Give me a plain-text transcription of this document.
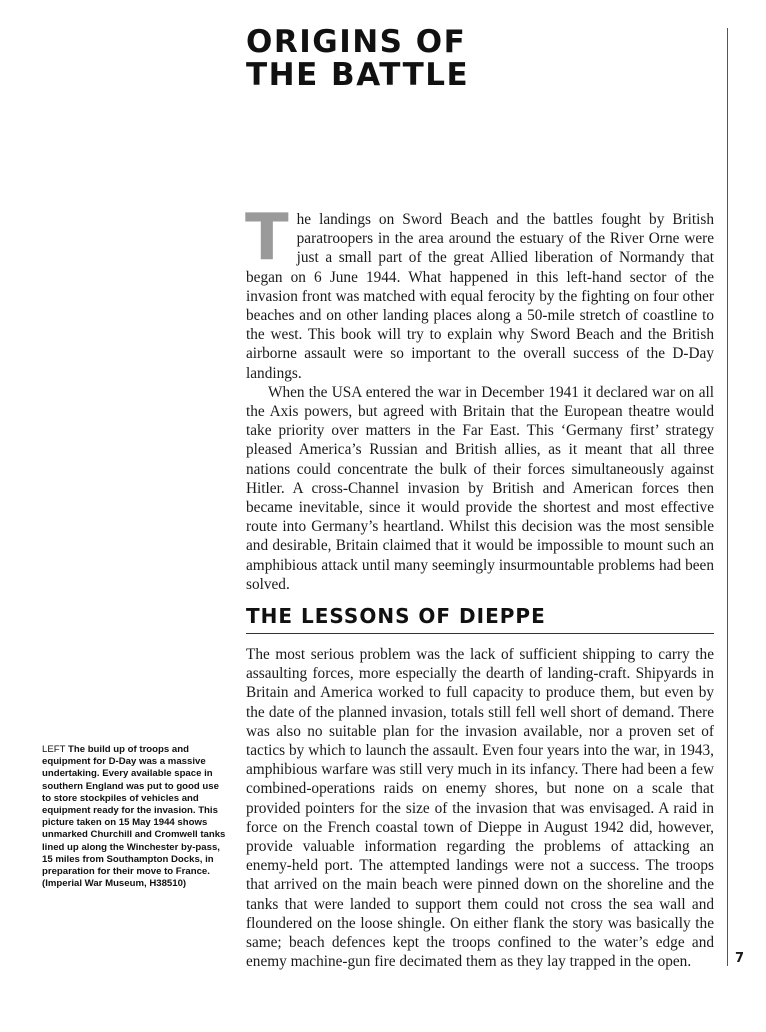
ORIGINS OF
THE BATTLE
T he landings on Sword Beach and the battles fought by British paratroopers in the area around the estuary of the River Orne were just a small part of the great Allied liberation of Normandy that began on 6 June 1944. What happened in this left-hand sector of the invasion front was matched with equal ferocity by the fighting on four other beaches and on other landing places along a 50-mile stretch of coastline to the west. This book will try to explain why Sword Beach and the British airborne assault were so important to the overall success of the D-Day landings.

When the USA entered the war in December 1941 it declared war on all the Axis powers, but agreed with Britain that the European theatre would take priority over matters in the Far East. This ‘Germany first’ strategy pleased America’s Russian and British allies, as it meant that all three nations could concentrate the bulk of their forces simultaneously against Hitler. A cross-Channel invasion by British and American forces then became inevitable, since it would provide the shortest and most effective route into Germany’s heartland. Whilst this decision was the most sensible and desirable, Britain claimed that it would be impossible to mount such an amphibious attack until many seemingly insurmountable problems had been solved.

THE LESSONS OF DIEPPE

The most serious problem was the lack of sufficient shipping to carry the assaulting forces, more especially the dearth of landing-craft. Shipyards in Britain and America worked to full capacity to produce them, but even by the date of the planned invasion, totals still fell well short of demand. There was also no suitable plan for the invasion available, nor a proven set of tactics by which to launch the assault. Even four years into the war, in 1943, amphibious warfare was still very much in its infancy. There had been a few combined-operations raids on enemy shores, but none on a scale that provided pointers for the size of the invasion that was envisaged. A raid in force on the French coastal town of Dieppe in August 1942 did, however, provide valuable information regarding the problems of attacking an enemy-held port. The attempted landings were not a success. The troops that arrived on the main beach were pinned down on the shoreline and the tanks that were landed to support them could not cross the sea wall and floundered on the loose shingle. On either flank the story was basically the same; beach defences kept the troops confined to the water’s edge and enemy machine-gun fire decimated them as they lay trapped in the open.

LEFT The build up of troops and equipment for D-Day was a massive undertaking. Every available space in southern England was put to good use to store stockpiles of vehicles and equipment ready for the invasion. This picture taken on 15 May 1944 shows unmarked Churchill and Cromwell tanks lined up along the Winchester by-pass, 15 miles from Southampton Docks, in preparation for their move to France. (Imperial War Museum, H38510)
7
